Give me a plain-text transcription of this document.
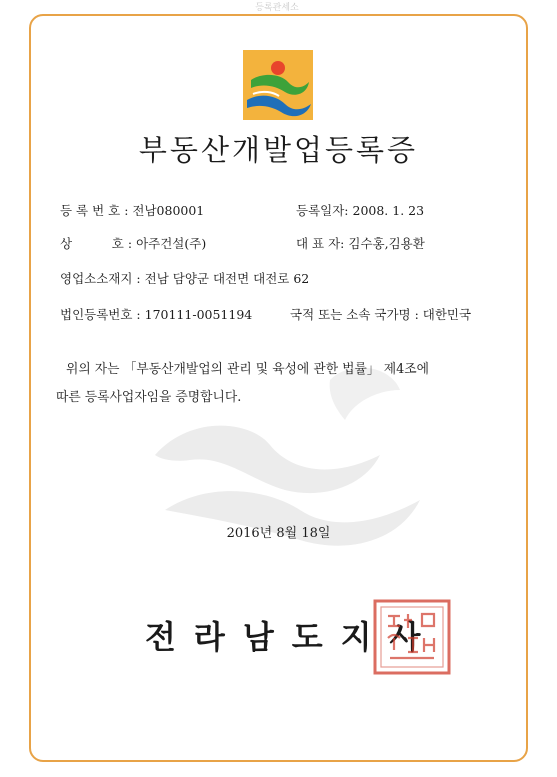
등록관세소
부동산개발업등록증
등 록 번 호 : 전남080001	등록일자: 2008. 1. 23
상          호 : 아주건설(주)	대 표 자: 김수홍,김용환
영업소소재지 : 전남 담양군 대전면 대전로 62
법인등록번호 : 170111-0051194	국적 또는 소속 국가명 : 대한민국
위의 자는 「부동산개발업의 관리 및 육성에 관한 법률」 제4조에
따른 등록사업자임을 증명합니다.
2016년 8월 18일
전라남도지사
